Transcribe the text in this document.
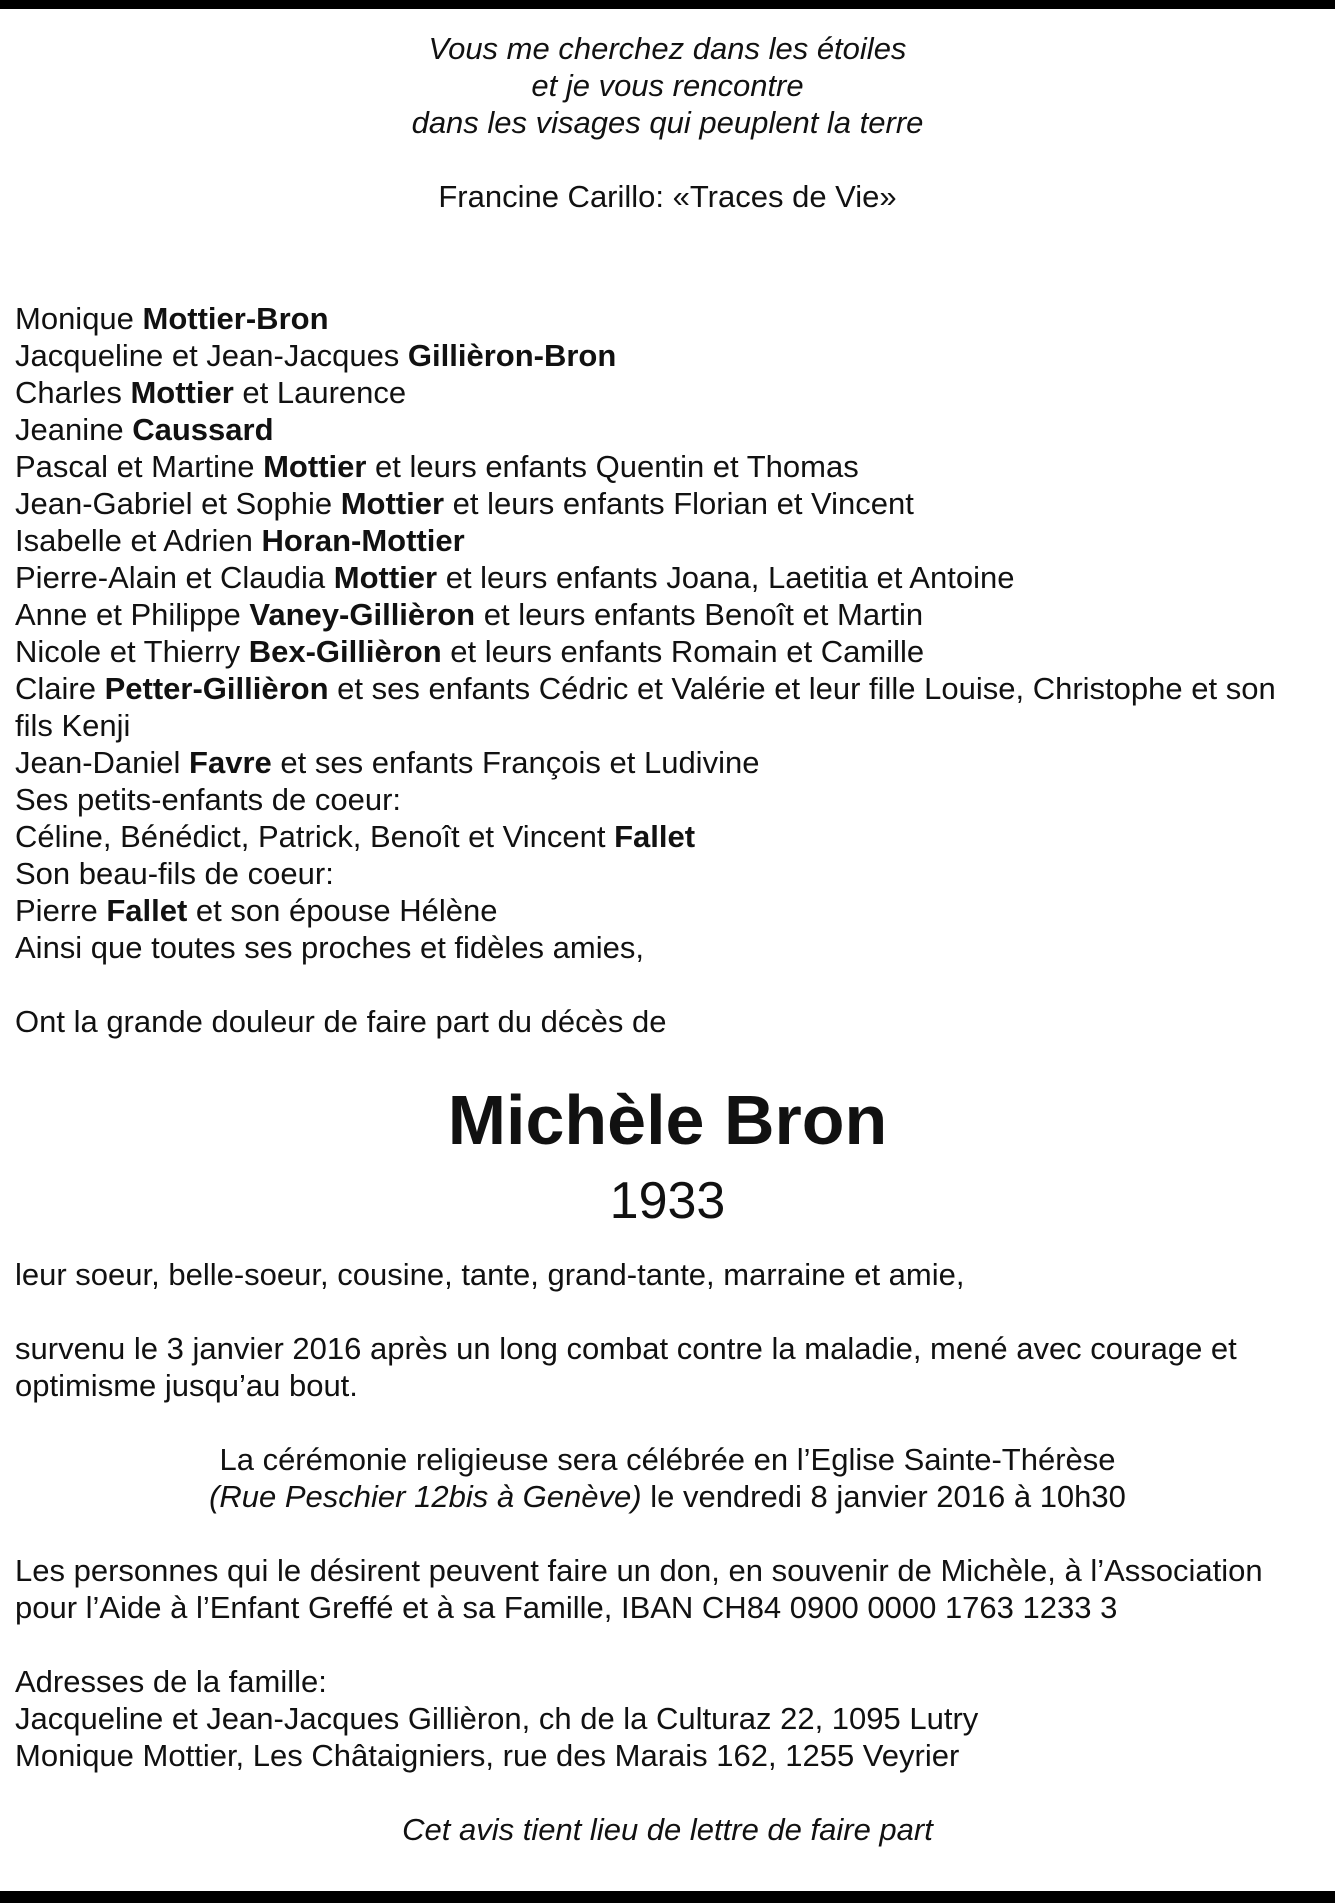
Vous me cherchez dans les étoiles
et je vous rencontre
dans les visages qui peuplent la terre
Francine Carillo: «Traces de Vie»
Monique Mottier-Bron
Jacqueline et Jean-Jacques Gillièron-Bron
Charles Mottier et Laurence
Jeanine Caussard
Pascal et Martine Mottier et leurs enfants Quentin et Thomas
Jean-Gabriel et Sophie Mottier et leurs enfants Florian et Vincent
Isabelle et Adrien Horan-Mottier
Pierre-Alain et Claudia Mottier et leurs enfants Joana, Laetitia et Antoine
Anne et Philippe Vaney-Gillièron et leurs enfants Benoît et Martin
Nicole et Thierry Bex-Gillièron et leurs enfants Romain et Camille
Claire Petter-Gillièron et ses enfants Cédric et Valérie et leur fille Louise, Christophe et son fils Kenji
Jean-Daniel Favre et ses enfants François et Ludivine
Ses petits-enfants de coeur:
Céline, Bénédict, Patrick, Benoît et Vincent Fallet
Son beau-fils de coeur:
Pierre Fallet et son épouse Hélène
Ainsi que toutes ses proches et fidèles amies,
Ont la grande douleur de faire part du décès de
Michèle Bron
1933
leur soeur, belle-soeur, cousine, tante, grand-tante, marraine et amie,
survenu le 3 janvier 2016 après un long combat contre la maladie, mené avec courage et optimisme jusqu’au bout.
La cérémonie religieuse sera célébrée en l’Eglise Sainte-Thérèse
(Rue Peschier 12bis à Genève) le vendredi 8 janvier 2016 à 10h30
Les personnes qui le désirent peuvent faire un don, en souvenir de Michèle, à l’Association pour l’Aide à l’Enfant Greffé et à sa Famille, IBAN CH84 0900 0000 1763 1233 3
Adresses de la famille:
Jacqueline et Jean-Jacques Gillièron, ch de la Culturaz 22, 1095 Lutry
Monique Mottier, Les Châtaigniers, rue des Marais 162, 1255 Veyrier
Cet avis tient lieu de lettre de faire part
